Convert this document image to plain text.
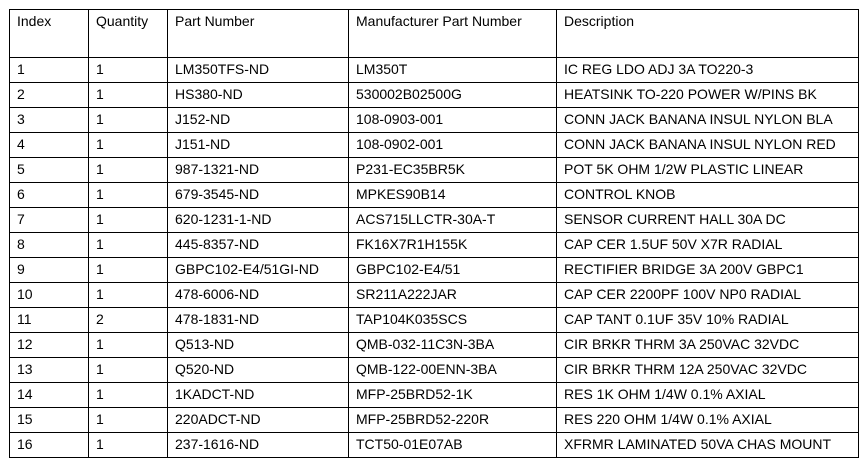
Index	Quantity	Part Number	Manufacturer Part Number	Description
1	1	LM350TFS-ND	LM350T	IC REG LDO ADJ 3A TO220-3
2	1	HS380-ND	530002B02500G	HEATSINK TO-220 POWER W/PINS BK
3	1	J152-ND	108-0903-001	CONN JACK BANANA INSUL NYLON BLA
4	1	J151-ND	108-0902-001	CONN JACK BANANA INSUL NYLON RED
5	1	987-1321-ND	P231-EC35BR5K	POT 5K OHM 1/2W PLASTIC LINEAR
6	1	679-3545-ND	MPKES90B14	CONTROL KNOB
7	1	620-1231-1-ND	ACS715LLCTR-30A-T	SENSOR CURRENT HALL 30A DC
8	1	445-8357-ND	FK16X7R1H155K	CAP CER 1.5UF 50V X7R RADIAL
9	1	GBPC102-E4/51GI-ND	GBPC102-E4/51	RECTIFIER BRIDGE 3A 200V GBPC1
10	1	478-6006-ND	SR211A222JAR	CAP CER 2200PF 100V NP0 RADIAL
11	2	478-1831-ND	TAP104K035SCS	CAP TANT 0.1UF 35V 10% RADIAL
12	1	Q513-ND	QMB-032-11C3N-3BA	CIR BRKR THRM 3A 250VAC 32VDC
13	1	Q520-ND	QMB-122-00ENN-3BA	CIR BRKR THRM 12A 250VAC 32VDC
14	1	1KADCT-ND	MFP-25BRD52-1K	RES 1K OHM 1/4W 0.1% AXIAL
15	1	220ADCT-ND	MFP-25BRD52-220R	RES 220 OHM 1/4W 0.1% AXIAL
16	1	237-1616-ND	TCT50-01E07AB	XFRMR LAMINATED 50VA CHAS MOUNT
